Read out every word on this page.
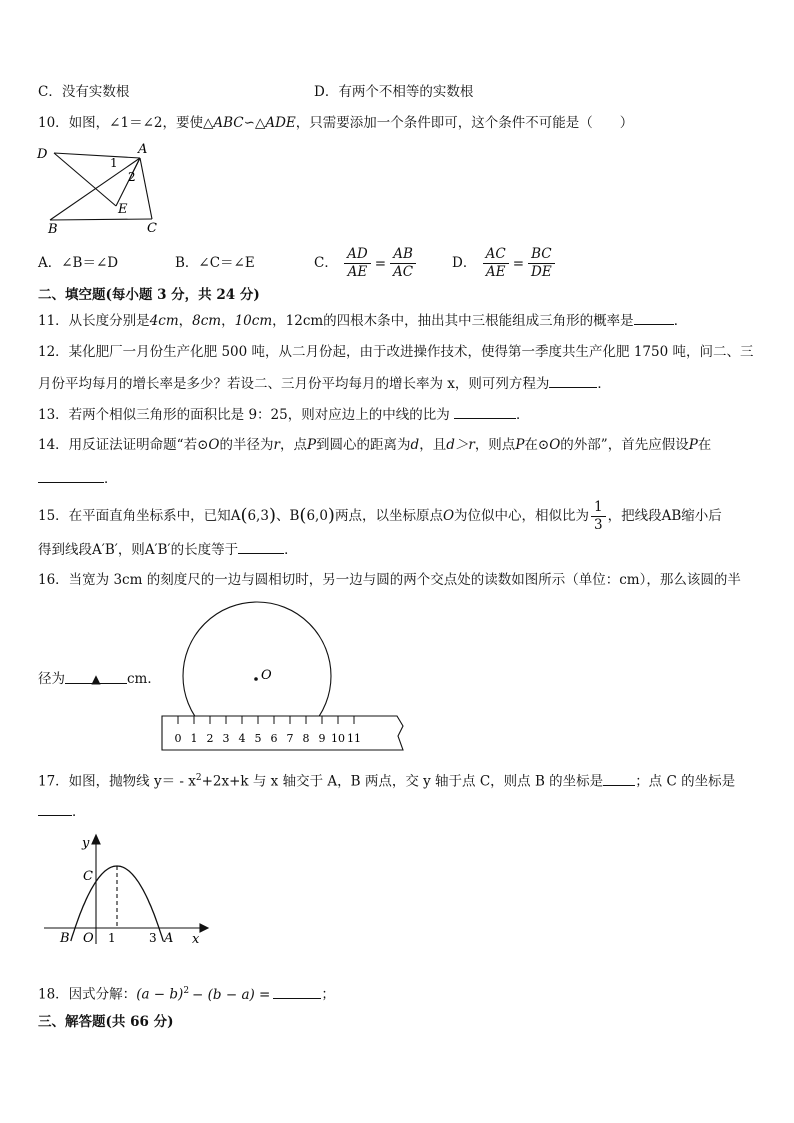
C．没有实数根	D．有两个不相等的实数根
10．如图，∠1＝∠2，要使△ABC∽△ADE，只需要添加一个条件即可，这个条件不可能是（　　）
D	A
B	C
E
1
2
A．∠B＝∠D	B．∠C＝∠E	C． $\frac{AD}{AE} = \frac{AB}{AC}$	D． $\frac{AC}{AE} = \frac{BC}{DE}$
二、填空题(每小题 3 分，共 24 分)
11．从长度分别是4cm，8cm，10cm，12cm的四根木条中，抽出其中三根能组成三角形的概率是	．
12．某化肥厂一月份生产化肥 500 吨，从二月份起，由于改进操作技术，使得第一季度共生产化肥 1750 吨，问二、三
月份平均每月的增长率是多少？若设二、三月份平均每月的增长率为 x，则可列方程为	．
13．若两个相似三角形的面积比是 9：25，则对应边上的中线的比为	．
14．用反证法证明命题“若⊙O的半径为r，点P到圆心的距离为d，且d＞r，则点P在⊙O的外部”，首先应假设P在
．
15．在平面直角坐标系中，已知A(6,3)、B(6,0)两点，以坐标原点O为位似中心，相似比为 $\frac{1}{3}$ ，把线段AB缩小后
得到线段A′B′，则A′B′的长度等于	．
16．当宽为 3cm 的刻度尺的一边与圆相切时，另一边与圆的两个交点处的读数如图所示（单位：cm），那么该圆的半
径为 ▲ cm．	O
0 1 2 3 4 5 6 7 8 9 10 11
17．如图，抛物线 $y= - x^2+2x+k$ 与 x 轴交于 A，B 两点，交 y 轴于点 C，则点 B 的坐标是 ；点 C 的坐标是
．
y
x
C
B O 1	3 A
18．因式分解：$(a - b)^2 - (b - a)$ =	；
三、解答题(共 66 分)
